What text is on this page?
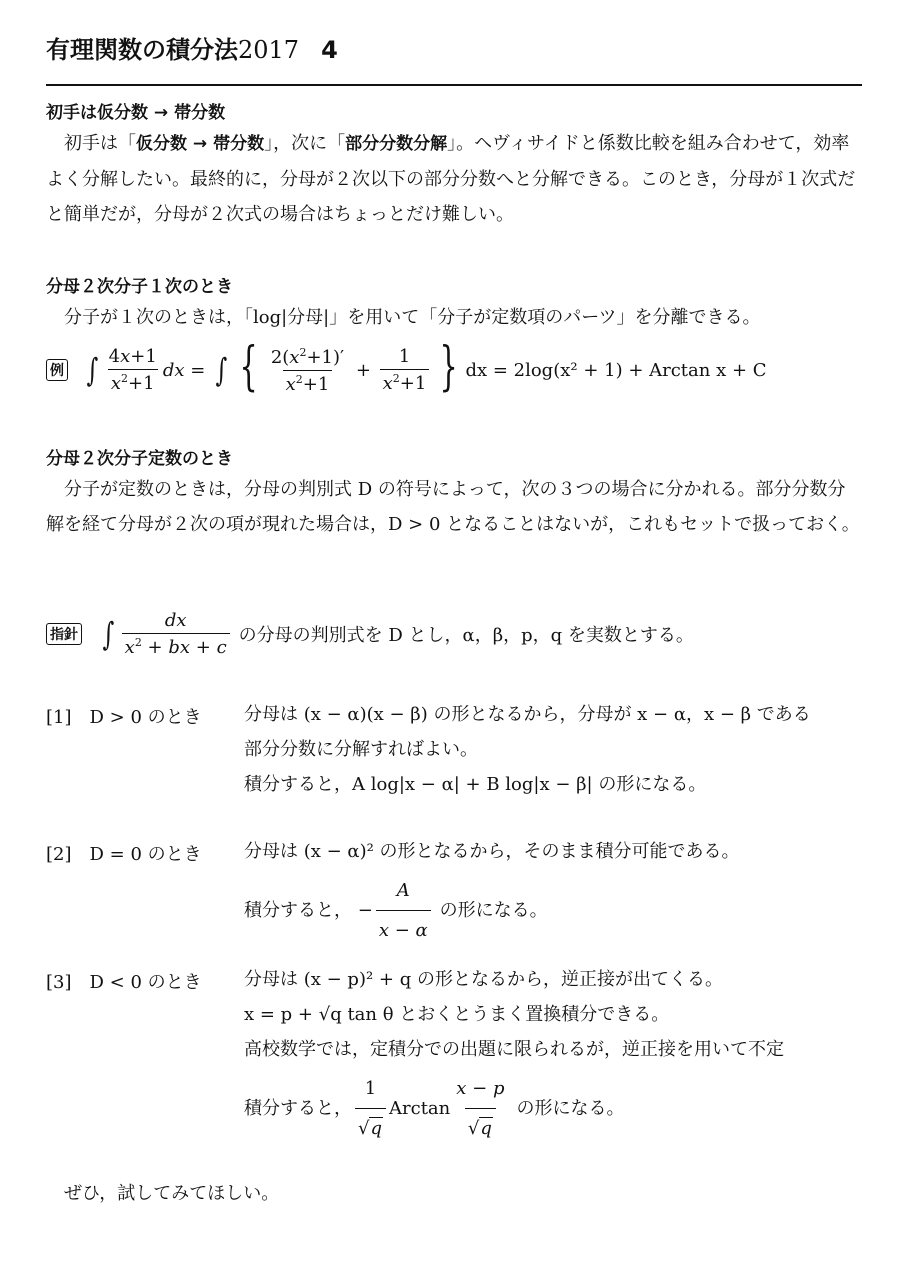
有理関数の積分法2017 4
初手は仮分数 → 帯分数
初手は「仮分数 → 帯分数」，次に「部分分数分解」。ヘヴィサイドと係数比較を組み合わせて，効率よく分解したい。最終的に，分母が２次以下の部分分数へと分解できる。このとき，分母が１次式だと簡単だが，分母が２次式の場合はちょっとだけ難しい。
分母２次分子１次のとき
分子が１次のときは，「log|分母|」を用いて「分子が定数項のパーツ」を分離できる。
例 ∫ $\frac{4x+1}{x^2+1}$ dx = ∫ { $\frac{2(x^2+1)'}{x^2+1} + \frac{1}{x^2+1}$ } dx = 2log(x² + 1) + Arctan x + C
分母２次分子定数のとき
分子が定数のときは，分母の判別式 D の符号によって，次の３つの場合に分かれる。部分分数分解を経て分母が２次の項が現れた場合は，D > 0 となることはないが，これもセットで扱っておく。
指針 ∫ $\frac{dx}{x^2 + bx + c}$ の分母の判別式を D とし，α，β，p，q を実数とする。
[1]　D > 0 のとき 分母は (x − α)(x − β) の形となるから，分母が x − α，x − β である
部分分数に分解すればよい。
積分すると，A log|x − α| + B log|x − β| の形になる。
[2]　D = 0 のとき 分母は (x − α)² の形となるから，そのまま積分可能である。
積分すると， − $\frac{A}{x - \alpha}$ の形になる。
[3]　D < 0 のとき 分母は (x − p)² + q の形となるから，逆正接が出てくる。
x = p + √q tan θ とおくとうまく置換積分できる。
高校数学では，定積分での出題に限られるが，逆正接を用いて不定
積分すると， $\frac{1}{√q}$ Arctan $\frac{x - p}{√q}$ の形になる。
ぜひ，試してみてほしい。
